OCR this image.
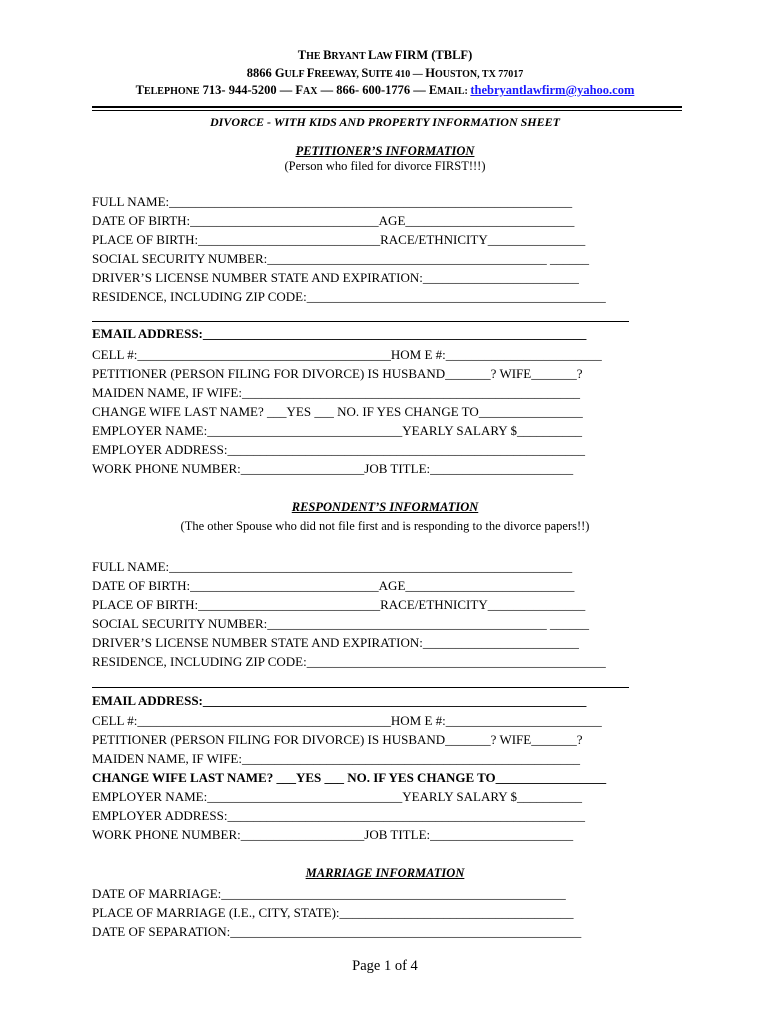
THE BRYANT LAW FIRM (TBLF)
8866 GULF FREEWAY, SUITE 410 — HOUSTON, TX 77017
TELEPHONE 713- 944-5200 — FAX — 866- 600-1776 — EMAIL: thebryantlawfirm@yahoo.com
DIVORCE - WITH KIDS AND PROPERTY INFORMATION SHEET
PETITIONER’S INFORMATION
(Person who filed for divorce FIRST!!!)
FULL NAME:______________________________________________________________
DATE OF BIRTH:_____________________________AGE__________________________
PLACE OF BIRTH:____________________________RACE/ETHNICITY_______________
SOCIAL SECURITY NUMBER:___________________________________________ ______
DRIVER’S LICENSE NUMBER STATE AND EXPIRATION:________________________
RESIDENCE, INCLUDING ZIP CODE:______________________________________________
EMAIL ADDRESS:___________________________________________________________
CELL #:_______________________________________HOM E #:________________________
PETITIONER (PERSON FILING FOR DIVORCE) IS HUSBAND_______? WIFE_______?
MAIDEN NAME, IF WIFE:____________________________________________________
CHANGE WIFE LAST NAME? ___YES ___ NO. IF YES CHANGE TO________________
EMPLOYER NAME:______________________________YEARLY SALARY $__________
EMPLOYER ADDRESS:_______________________________________________________
WORK PHONE NUMBER:___________________JOB TITLE:______________________
RESPONDENT’S INFORMATION
(The other Spouse who did not file first and is responding to the divorce papers!!)
FULL NAME:______________________________________________________________
DATE OF BIRTH:_____________________________AGE__________________________
PLACE OF BIRTH:____________________________RACE/ETHNICITY_______________
SOCIAL SECURITY NUMBER:___________________________________________ ______
DRIVER’S LICENSE NUMBER STATE AND EXPIRATION:________________________
RESIDENCE, INCLUDING ZIP CODE:______________________________________________
EMAIL ADDRESS:___________________________________________________________
CELL #:_______________________________________HOM E #:________________________
PETITIONER (PERSON FILING FOR DIVORCE) IS HUSBAND_______? WIFE_______?
MAIDEN NAME, IF WIFE:____________________________________________________
CHANGE WIFE LAST NAME? ___YES ___ NO. IF YES CHANGE TO_________________
EMPLOYER NAME:______________________________YEARLY SALARY $__________
EMPLOYER ADDRESS:_______________________________________________________
WORK PHONE NUMBER:___________________JOB TITLE:______________________
MARRIAGE INFORMATION
DATE OF MARRIAGE:_____________________________________________________
PLACE OF MARRIAGE (I.E., CITY, STATE):____________________________________
DATE OF SEPARATION:______________________________________________________
Page 1 of 4
